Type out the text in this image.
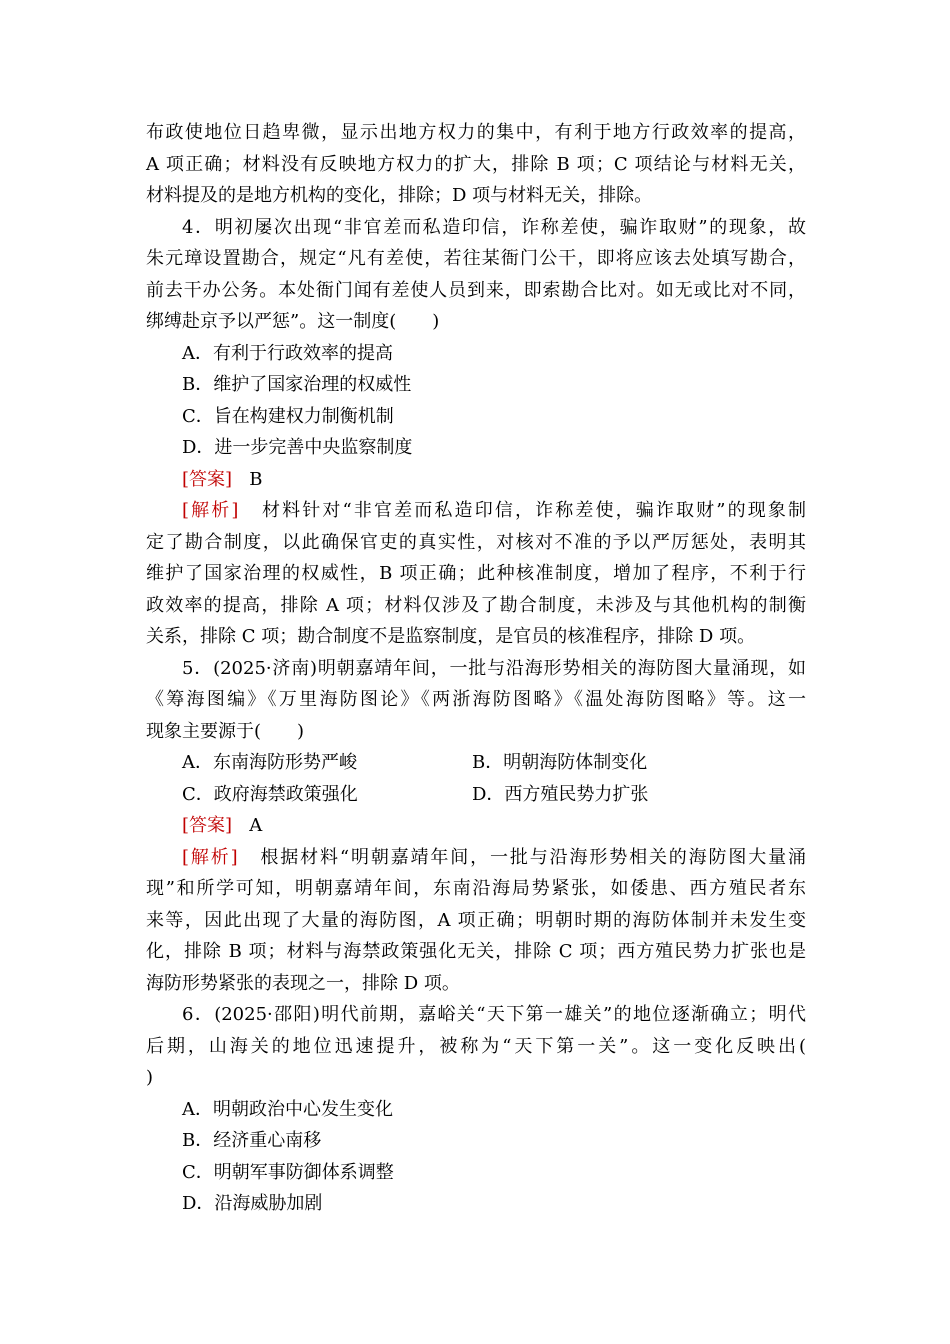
布政使地位日趋卑微，显示出地方权力的集中，有利于地方行政效率的提高，
A 项正确；材料没有反映地方权力的扩大，排除 B 项；C 项结论与材料无关，
材料提及的是地方机构的变化，排除；D 项与材料无关，排除。
4．明初屡次出现“非官差而私造印信，诈称差使，骗诈取财”的现象，故
朱元璋设置勘合，规定“凡有差使，若往某衙门公干，即将应该去处填写勘合，
前去干办公务。本处衙门闻有差使人员到来，即索勘合比对。如无或比对不同，
绑缚赴京予以严惩”。这一制度(　　)
A．有利于行政效率的提高
B．维护了国家治理的权威性
C．旨在构建权力制衡机制
D．进一步完善中央监察制度
[答案] B
[解析] 材料针对“非官差而私造印信，诈称差使，骗诈取财”的现象制
定了勘合制度，以此确保官吏的真实性，对核对不准的予以严厉惩处，表明其
维护了国家治理的权威性，B 项正确；此种核准制度，增加了程序，不利于行
政效率的提高，排除 A 项；材料仅涉及了勘合制度，未涉及与其他机构的制衡
关系，排除 C 项；勘合制度不是监察制度，是官员的核准程序，排除 D 项。
5．(2025·济南)明朝嘉靖年间，一批与沿海形势相关的海防图大量涌现，如
《筹海图编》《万里海防图论》《两浙海防图略》《温处海防图略》等。这一
现象主要源于(　　)
A．东南海防形势严峻	B．明朝海防体制变化
C．政府海禁政策强化	D．西方殖民势力扩张
[答案] A
[解析] 根据材料“明朝嘉靖年间，一批与沿海形势相关的海防图大量涌
现”和所学可知，明朝嘉靖年间，东南沿海局势紧张，如倭患、西方殖民者东
来等，因此出现了大量的海防图，A 项正确；明朝时期的海防体制并未发生变
化，排除 B 项；材料与海禁政策强化无关，排除 C 项；西方殖民势力扩张也是
海防形势紧张的表现之一，排除 D 项。
6．(2025·邵阳)明代前期，嘉峪关“天下第一雄关”的地位逐渐确立；明代
后期，山海关的地位迅速提升，被称为“天下第一关”。这一变化反映出(
)
A．明朝政治中心发生变化
B．经济重心南移
C．明朝军事防御体系调整
D．沿海威胁加剧
